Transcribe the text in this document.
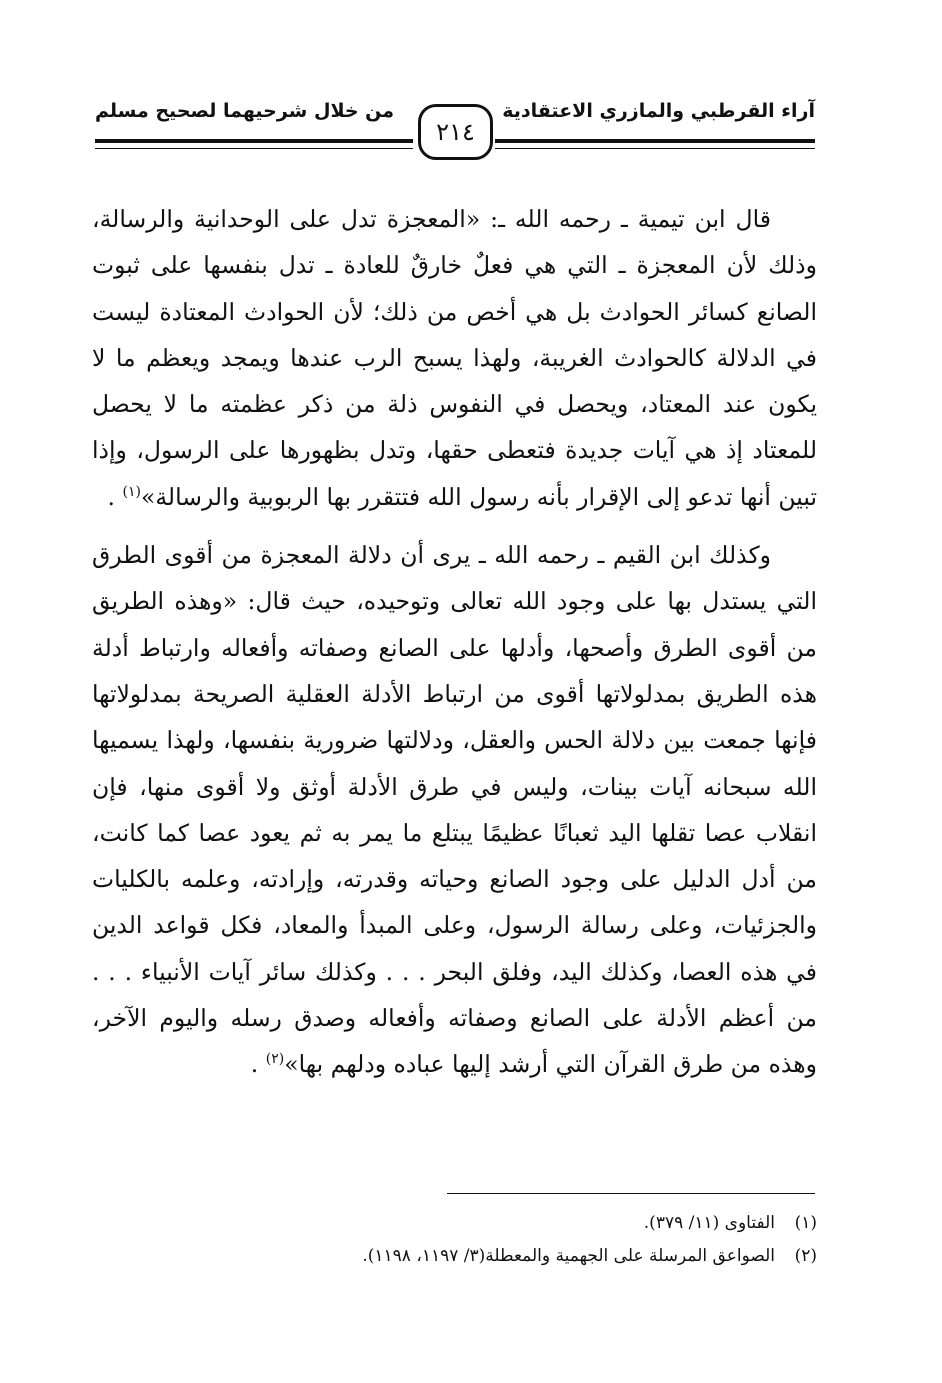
آراء القرطبي والمازري الاعتقادية
من خلال شرحيهما لصحيح مسلم
٢١٤

قال ابن تيمية ـ رحمه الله ـ: «المعجزة تدل على الوحدانية والرسالة، وذلك لأن المعجزة ـ التي هي فعلٌ خارقٌ للعادة ـ تدل بنفسها على ثبوت الصانع كسائر الحوادث بل هي أخص من ذلك؛ لأن الحوادث المعتادة ليست في الدلالة كالحوادث الغريبة، ولهذا يسبح الرب عندها ويمجد ويعظم ما لا يكون عند المعتاد، ويحصل في النفوس ذلة من ذكر عظمته ما لا يحصل للمعتاد إذ هي آيات جديدة فتعطى حقها، وتدل بظهورها على الرسول، وإذا تبين أنها تدعو إلى الإقرار بأنه رسول الله فتتقرر بها الربوبية والرسالة»$^{(١)}$ .

وكذلك ابن القيم ـ رحمه الله ـ يرى أن دلالة المعجزة من أقوى الطرق التي يستدل بها على وجود الله تعالى وتوحيده، حيث قال: «وهذه الطريق من أقوى الطرق وأصحها، وأدلها على الصانع وصفاته وأفعاله وارتباط أدلة هذه الطريق بمدلولاتها أقوى من ارتباط الأدلة العقلية الصريحة بمدلولاتها فإنها جمعت بين دلالة الحس والعقل، ودلالتها ضرورية بنفسها، ولهذا يسميها الله سبحانه آيات بينات، وليس في طرق الأدلة أوثق ولا أقوى منها، فإن انقلاب عصا تقلها اليد ثعبانًا عظيمًا يبتلع ما يمر به ثم يعود عصا كما كانت، من أدل الدليل على وجود الصانع وحياته وقدرته، وإرادته، وعلمه بالكليات والجزئيات، وعلى رسالة الرسول، وعلى المبدأ والمعاد، فكل قواعد الدين في هذه العصا، وكذلك اليد، وفلق البحر . . . وكذلك سائر آيات الأنبياء . . . من أعظم الأدلة على الصانع وصفاته وأفعاله وصدق رسله واليوم الآخر، وهذه من طرق القرآن التي أرشد إليها عباده ودلهم بها»$^{(٢)}$ .

(١)الفتاوى (١١/ ٣٧٩).

(٢)الصواعق المرسلة على الجهمية والمعطلة(٣/ ١١٩٧، ١١٩٨).
